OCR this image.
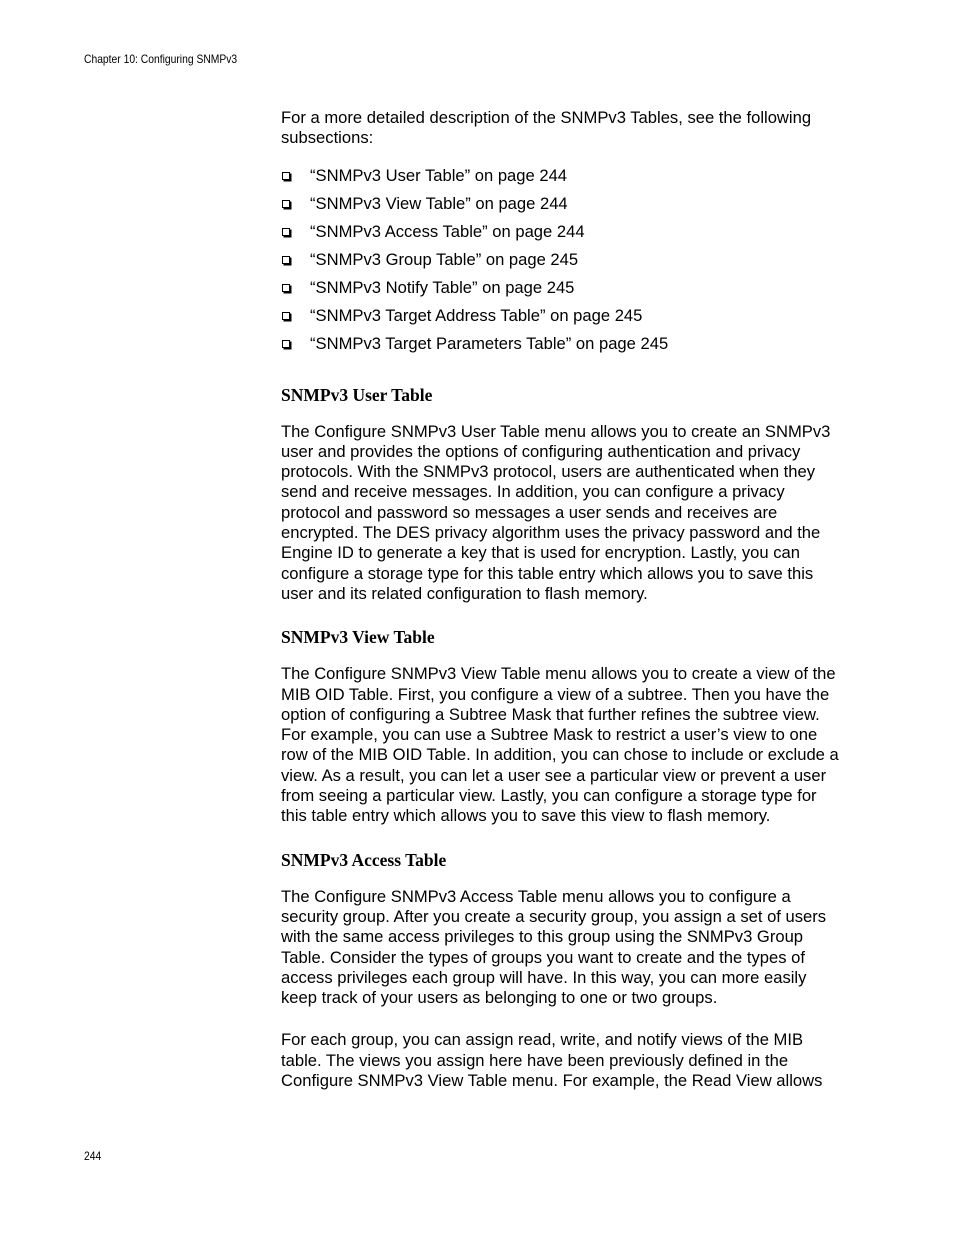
Chapter 10: Configuring SNMPv3

For a more detailed description of the SNMPv3 Tables, see the following subsections:

“SNMPv3 User Table” on page 244
“SNMPv3 View Table” on page 244
“SNMPv3 Access Table” on page 244
“SNMPv3 Group Table” on page 245
“SNMPv3 Notify Table” on page 245
“SNMPv3 Target Address Table” on page 245
“SNMPv3 Target Parameters Table” on page 245
SNMPv3 User Table

The Configure SNMPv3 User Table menu allows you to create an SNMPv3 user and provides the options of configuring authentication and privacy protocols. With the SNMPv3 protocol, users are authenticated when they send and receive messages. In addition, you can configure a privacy protocol and password so messages a user sends and receives are encrypted. The DES privacy algorithm uses the privacy password and the Engine ID to generate a key that is used for encryption. Lastly, you can configure a storage type for this table entry which allows you to save this user and its related configuration to flash memory.

SNMPv3 View Table

The Configure SNMPv3 View Table menu allows you to create a view of the MIB OID Table. First, you configure a view of a subtree. Then you have the option of configuring a Subtree Mask that further refines the subtree view. For example, you can use a Subtree Mask to restrict a user’s view to one row of the MIB OID Table. In addition, you can chose to include or exclude a view. As a result, you can let a user see a particular view or prevent a user from seeing a particular view. Lastly, you can configure a storage type for this table entry which allows you to save this view to flash memory.

SNMPv3 Access Table

The Configure SNMPv3 Access Table menu allows you to configure a security group. After you create a security group, you assign a set of users with the same access privileges to this group using the SNMPv3 Group Table. Consider the types of groups you want to create and the types of access privileges each group will have. In this way, you can more easily keep track of your users as belonging to one or two groups.

For each group, you can assign read, write, and notify views of the MIB table. The views you assign here have been previously defined in the Configure SNMPv3 View Table menu. For example, the Read View allows

244
